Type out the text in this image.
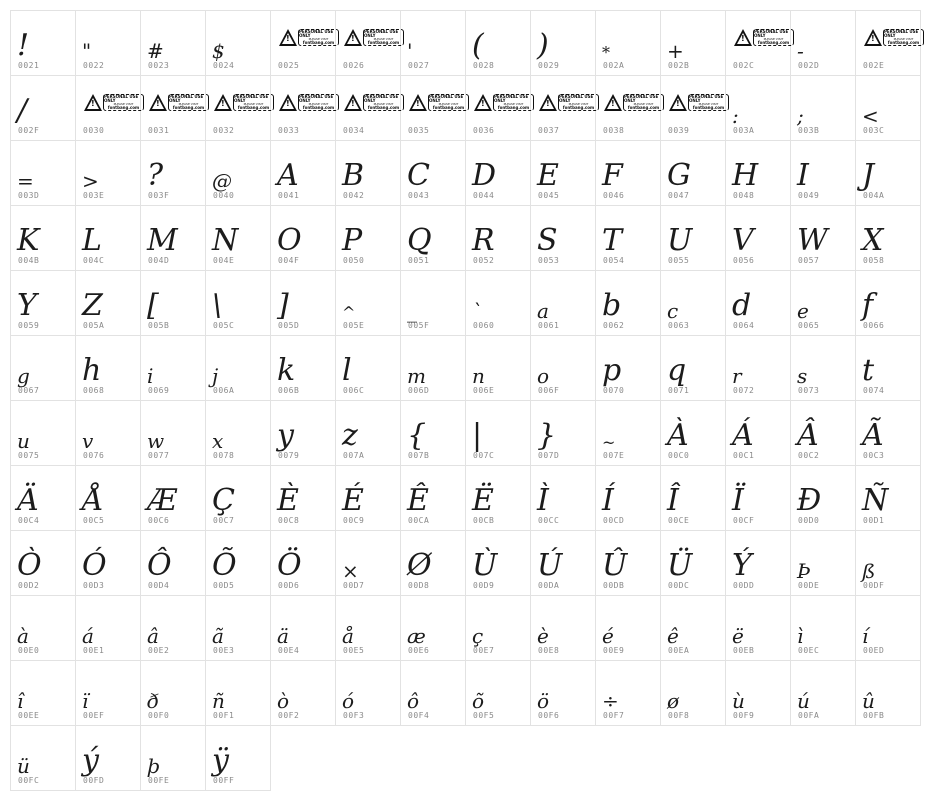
!
0021
"
0022
#
0023
$
0024
!
PERSONAL USE ONLY
PLEASE VISIT
fontbang.com
0025
!
PERSONAL USE ONLY
PLEASE VISIT
fontbang.com
0026
'
0027
(
0028
)
0029
*
002A
+
002B
!
PERSONAL USE ONLY
PLEASE VISIT
fontbang.com
002C
-
002D
!
PERSONAL USE ONLY
PLEASE VISIT
fontbang.com
002E
/
002F
!
PERSONAL USE ONLY
PLEASE VISIT
fontbang.com
0030
!
PERSONAL USE ONLY
PLEASE VISIT
fontbang.com
0031
!
PERSONAL USE ONLY
PLEASE VISIT
fontbang.com
0032
!
PERSONAL USE ONLY
PLEASE VISIT
fontbang.com
0033
!
PERSONAL USE ONLY
PLEASE VISIT
fontbang.com
0034
!
PERSONAL USE ONLY
PLEASE VISIT
fontbang.com
0035
!
PERSONAL USE ONLY
PLEASE VISIT
fontbang.com
0036
!
PERSONAL USE ONLY
PLEASE VISIT
fontbang.com
0037
!
PERSONAL USE ONLY
PLEASE VISIT
fontbang.com
0038
!
PERSONAL USE ONLY
PLEASE VISIT
fontbang.com
0039
:
003A
;
003B
<
003C
=
003D
>
003E
?
003F
@
0040
A
0041
B
0042
C
0043
D
0044
E
0045
F
0046
G
0047
H
0048
I
0049
J
004A
K
004B
L
004C
M
004D
N
004E
O
004F
P
0050
Q
0051
R
0052
S
0053
T
0054
U
0055
V
0056
W
0057
X
0058
Y
0059
Z
005A
[
005B
\
005C
]
005D
^
005E
_
005F
`
0060
a
0061
b
0062
c
0063
d
0064
e
0065
f
0066
g
0067
h
0068
i
0069
j
006A
k
006B
l
006C
m
006D
n
006E
o
006F
p
0070
q
0071
r
0072
s
0073
t
0074
u
0075
v
0076
w
0077
x
0078
y
0079
z
007A
{
007B
|
007C
}
007D
~
007E
À
00C0
Á
00C1
Â
00C2
Ã
00C3
Ä
00C4
Å
00C5
Æ
00C6
Ç
00C7
È
00C8
É
00C9
Ê
00CA
Ë
00CB
Ì
00CC
Í
00CD
Î
00CE
Ï
00CF
Ð
00D0
Ñ
00D1
Ò
00D2
Ó
00D3
Ô
00D4
Õ
00D5
Ö
00D6
×
00D7
Ø
00D8
Ù
00D9
Ú
00DA
Û
00DB
Ü
00DC
Ý
00DD
Þ
00DE
ß
00DF
à
00E0
á
00E1
â
00E2
ã
00E3
ä
00E4
å
00E5
æ
00E6
ç
00E7
è
00E8
é
00E9
ê
00EA
ë
00EB
ì
00EC
í
00ED
î
00EE
ï
00EF
ð
00F0
ñ
00F1
ò
00F2
ó
00F3
ô
00F4
õ
00F5
ö
00F6
÷
00F7
ø
00F8
ù
00F9
ú
00FA
û
00FB
ü
00FC
ý
00FD
þ
00FE
ÿ
00FF
